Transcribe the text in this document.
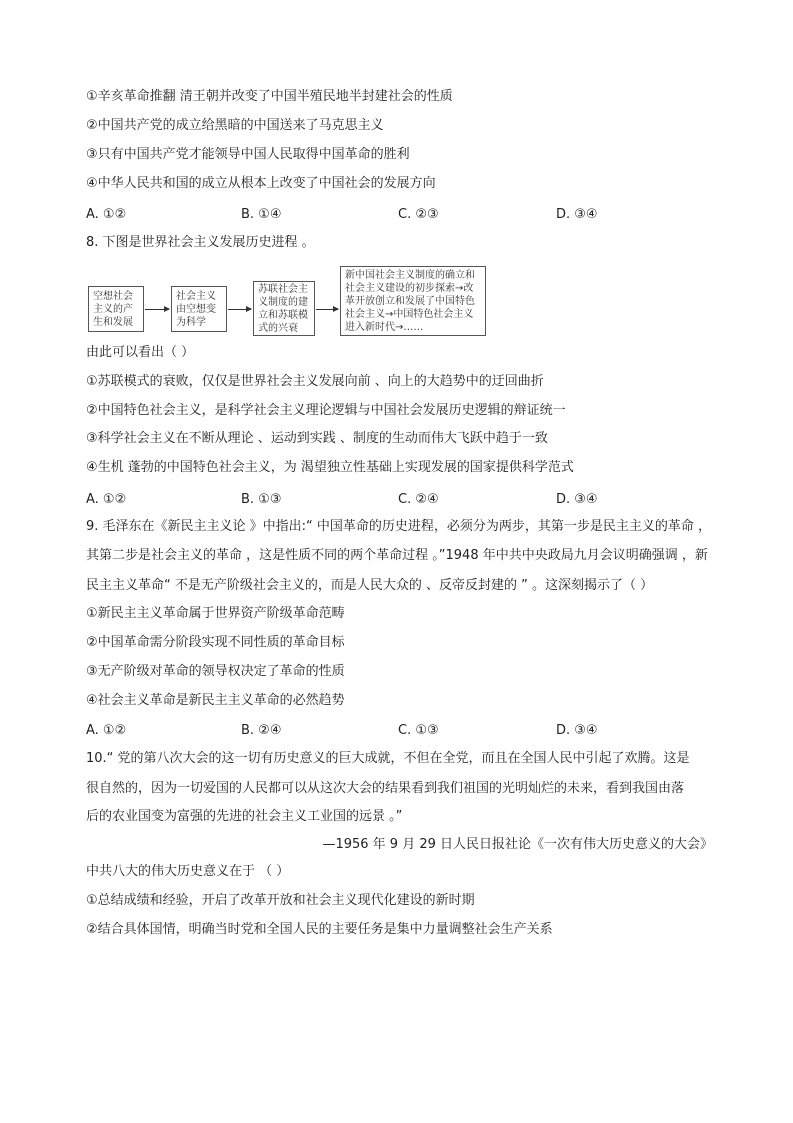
①辛亥革命推翻 清王朝并改变了中国半殖民地半封建社会的性质
②中国共产党的成立给黑暗的中国送来了马克思主义
③只有中国共产党才能领导中国人民取得中国革命的胜利
④中华人民共和国的成立从根本上改变了中国社会的发展方向
A. ①②	B. ①④	C. ②③	D. ③④
8. 下图是世界社会主义发展历史进程 。
空想社会
主义的产
生和发展
社会主义
由空想变
为科学
苏联社会主
义制度的建
立和苏联模
式的兴衰
新中国社会主义制度的确立和
社会主义建设的初步探索→改
革开放创立和发展了中国特色
社会主义→中国特色社会主义
进入新时代→……
由此可以看出（ ）
①苏联模式的衰败，仅仅是世界社会主义发展向前 、向上的大趋势中的迂回曲折
②中国特色社会主义，是科学社会主义理论逻辑与中国社会发展历史逻辑的辩证统一
③科学社会主义在不断从理论 、运动到实践 、制度的生动而伟大飞跃中趋于一致
④生机 蓬勃的中国特色社会主义，为 渴望独立性基础上实现发展的国家提供科学范式
A. ①②	B. ①③	C. ②④	D. ③④
9. 毛泽东在《新民主主义论 》中指出:“ 中国革命的历史进程，必须分为两步，其第一步是民主主义的革命 ，
其第二步是社会主义的革命 ，这是性质不同的两个革命过程 。”1948 年中共中央政局九月会议明确强调 ，新
民主主义革命“ 不是无产阶级社会主义的，而是人民大众的 、反帝反封建的 ” 。这深刻揭示了（ ）
①新民主主义革命属于世界资产阶级革命范畴
②中国革命需分阶段实现不同性质的革命目标
③无产阶级对革命的领导权决定了革命的性质
④社会主义革命是新民主主义革命的必然趋势
A. ①②	B. ②④	C. ①③	D. ③④
10.“ 党的第八次大会的这一切有历史意义的巨大成就，不但在全党，而且在全国人民中引起了欢腾。这是
很自然的，因为一切爱国的人民都可以从这次大会的结果看到我们祖国的光明灿烂的未来，看到我国由落
后的农业国变为富强的先进的社会主义工业国的远景 。”
—1956 年 9 月 29 日人民日报社论《一次有伟大历史意义的大会》
中共八大的伟大历史意义在于 （ ）
①总结成绩和经验，开启了改革开放和社会主义现代化建设的新时期
②结合具体国情，明确当时党和全国人民的主要任务是集中力量调整社会生产关系
